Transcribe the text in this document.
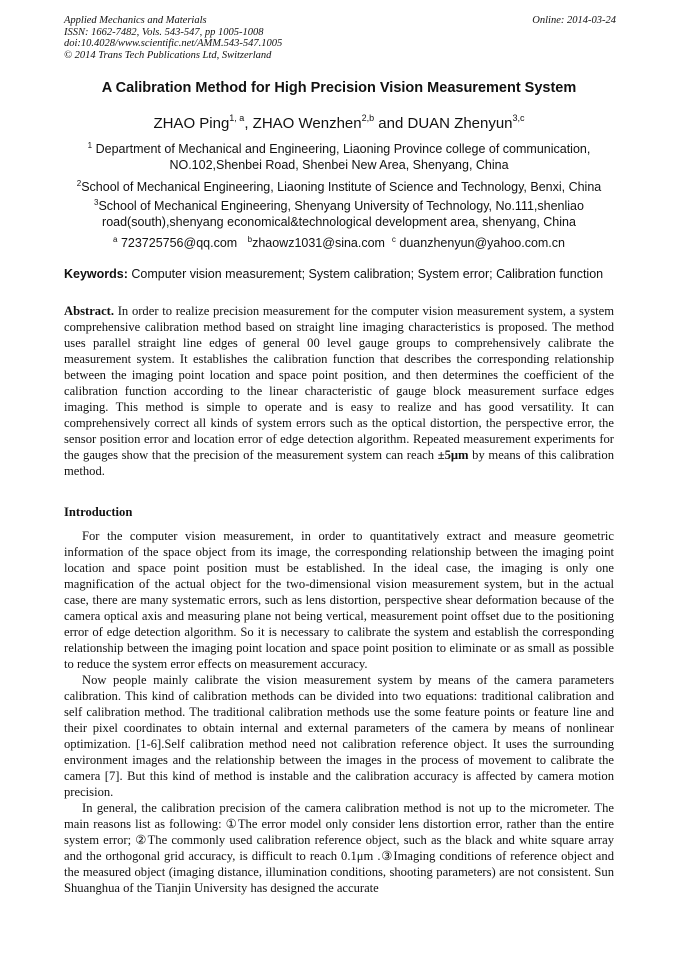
Applied Mechanics and Materials
ISSN: 1662-7482, Vols. 543-547, pp 1005-1008
doi:10.4028/www.scientific.net/AMM.543-547.1005
© 2014 Trans Tech Publications Ltd, Switzerland
Online: 2014-03-24
A Calibration Method for High Precision Vision Measurement System
ZHAO Ping$^{1, a}$, ZHAO Wenzhen$^{2,b}$ and DUAN Zhenyun$^{3,c}$
$^1$ Department of Mechanical and Engineering, Liaoning Province college of communication,
NO.102,Shenbei Road, Shenbei New Area, Shenyang, China
$^2$School of Mechanical Engineering, Liaoning Institute of Science and Technology, Benxi, China
$^3$School of Mechanical Engineering, Shenyang University of Technology, No.111,shenliao
road(south),shenyang economical&technological development area, shenyang, China
$^a$ 723725756@qq.com $^b$zhaowz1031@sina.com $^c$ duanzhenyun@yahoo.com.cn
Keywords: Computer vision measurement; System calibration; System error; Calibration function

Abstract. In order to realize precision measurement for the computer vision measurement system, a system comprehensive calibration method based on straight line imaging characteristics is proposed. The method uses parallel straight line edges of general 00 level gauge groups to comprehensively calibrate the measurement system. It establishes the calibration function that describes the corresponding relationship between the imaging point location and space point position, and then determines the coefficient of the calibration function according to the linear characteristic of gauge block measurement surface edges imaging. This method is simple to operate and is easy to realize and has good versatility. It can comprehensively correct all kinds of system errors such as the optical distortion, the perspective error, the sensor position error and location error of edge detection algorithm. Repeated measurement experiments for the gauges show that the precision of the measurement system can reach ±5μm by means of this calibration method.

Introduction

For the computer vision measurement, in order to quantitatively extract and measure geometric information of the space object from its image, the corresponding relationship between the imaging point location and space point position must be established. In the ideal case, the imaging is only one magnification of the actual object for the two-dimensional vision measurement system, but in the actual case, there are many systematic errors, such as lens distortion, perspective shear deformation because of the camera optical axis and measuring plane not being vertical, measurement point offset due to the positioning error of edge detection algorithm. So it is necessary to calibrate the system and establish the corresponding relationship between the imaging point location and space point position to eliminate or as small as possible to reduce the system error effects on measurement accuracy.

Now people mainly calibrate the vision measurement system by means of the camera parameters calibration. This kind of calibration methods can be divided into two equations: traditional calibration and self calibration method. The traditional calibration methods use the some feature points or feature line and their pixel coordinates to obtain internal and external parameters of the camera by means of nonlinear optimization. [1-6].Self calibration method need not calibration reference object. It uses the surrounding environment images and the relationship between the images in the process of movement to calibrate the camera [7]. But this kind of method is instable and the calibration accuracy is affected by camera motion precision.

In general, the calibration precision of the camera calibration method is not up to the micrometer. The main reasons list as following: ①The error model only consider lens distortion error, rather than the entire system error; ②The commonly used calibration reference object, such as the black and white square array and the orthogonal grid accuracy, is difficult to reach 0.1μm .③Imaging conditions of reference object and the measured object (imaging distance, illumination conditions, shooting parameters) are not consistent. Sun Shuanghua of the Tianjin University has designed the accurate
